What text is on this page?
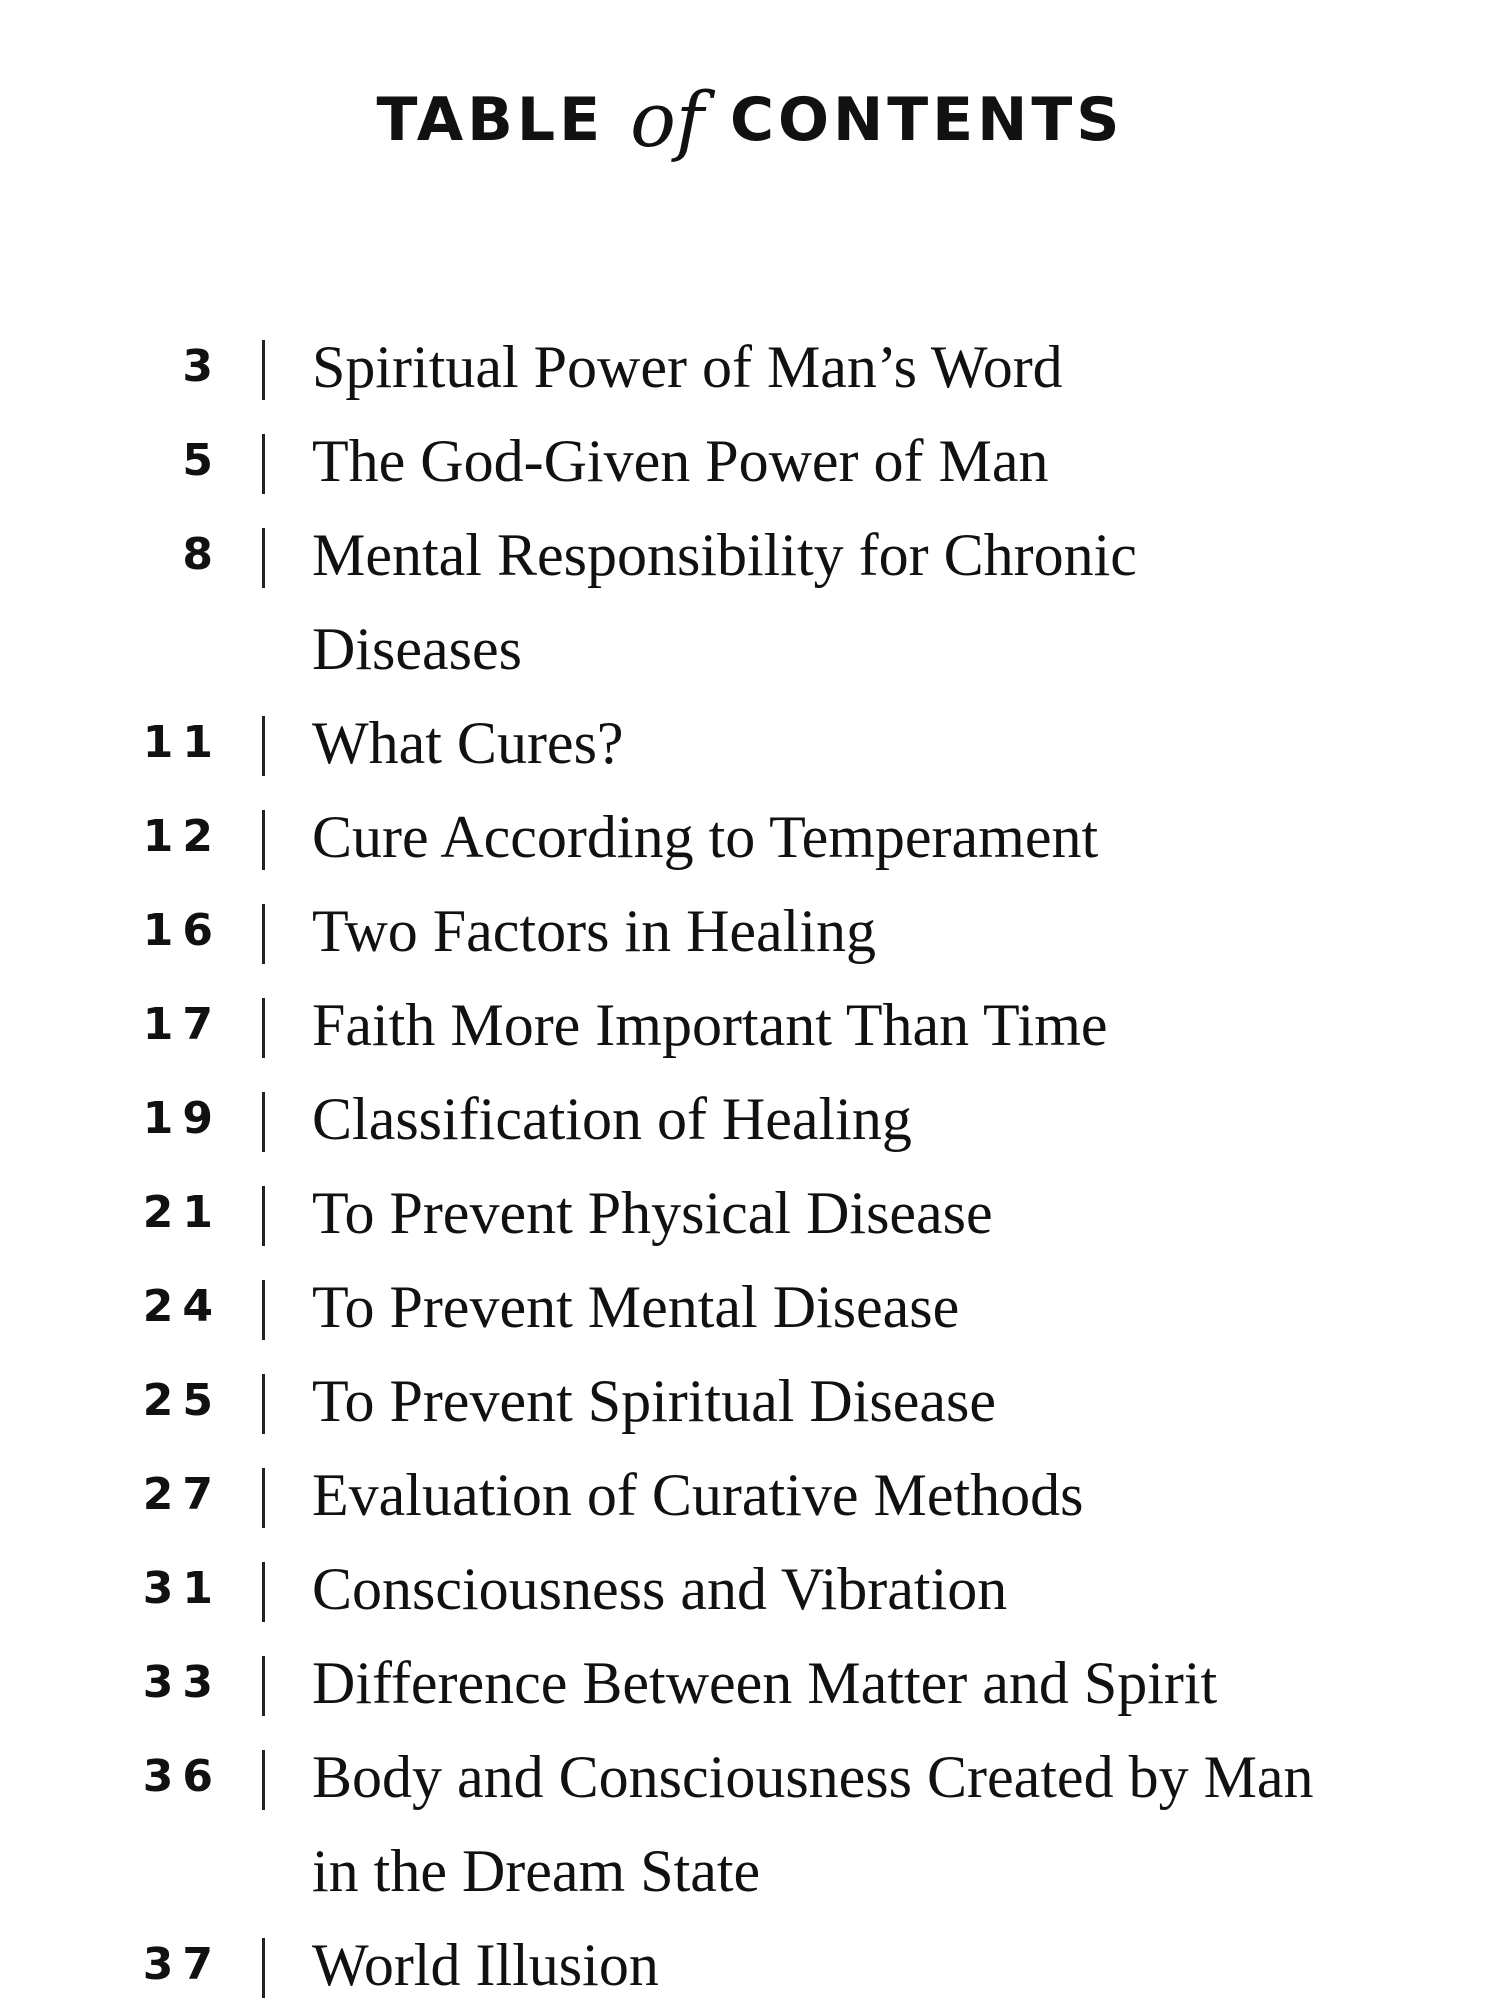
TABLE of CONTENTS
3 Spiritual Power of Man’s Word
5 The God-Given Power of Man
8 Mental Responsibility for Chronic
Diseases
11 What Cures?
12 Cure According to Temperament
16 Two Factors in Healing
17 Faith More Important Than Time
19 Classification of Healing
21 To Prevent Physical Disease
24 To Prevent Mental Disease
25 To Prevent Spiritual Disease
27 Evaluation of Curative Methods
31 Consciousness and Vibration
33 Difference Between Matter and Spirit
36 Body and Consciousness Created by Man
in the Dream State
37 World Illusion
